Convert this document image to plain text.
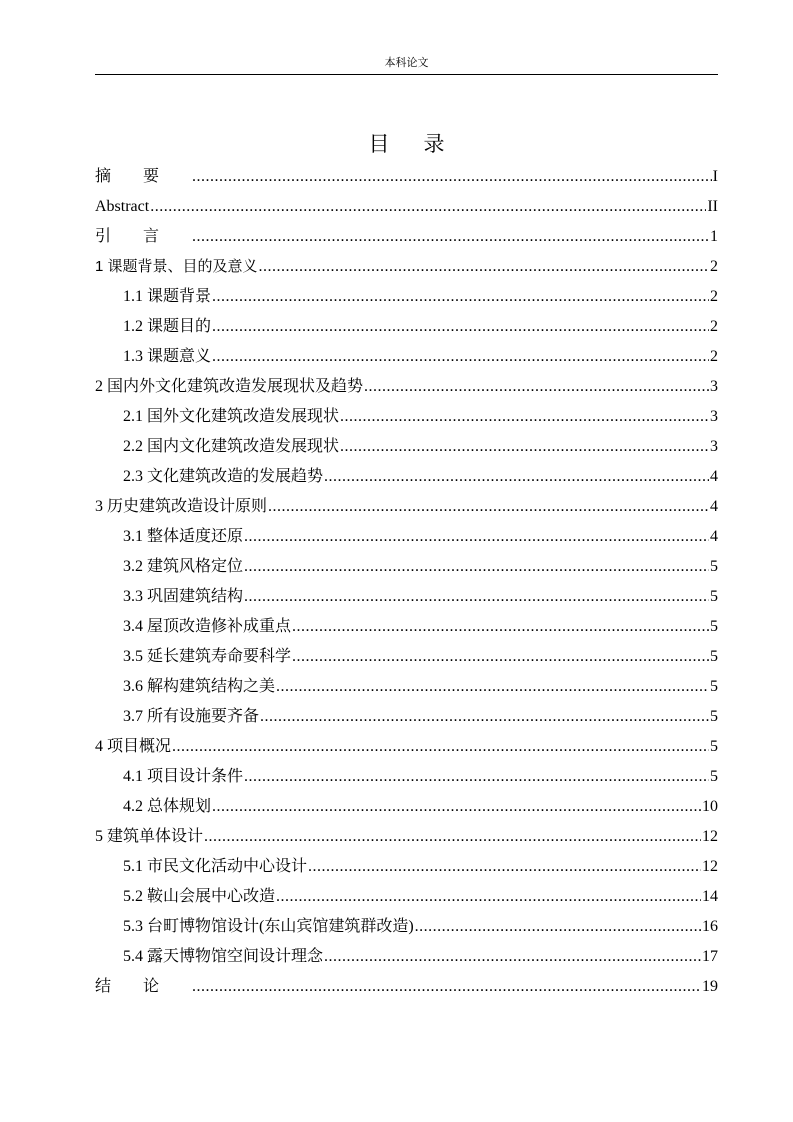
本科论文
目录
摘要 .....	I
Abstract .....	II
引言 .....	1
1 课题背景、目的及意义 .....	2
1.1 课题背景 .....	2
1.2 课题目的 .....	2
1.3 课题意义 .....	2
2 国内外文化建筑改造发展现状及趋势 .....	3
2.1 国外文化建筑改造发展现状 .....	3
2.2 国内文化建筑改造发展现状 .....	3
2.3 文化建筑改造的发展趋势 .....	4
3 历史建筑改造设计原则 .....	4
3.1 整体适度还原 .....	4
3.2 建筑风格定位 .....	5
3.3 巩固建筑结构 .....	5
3.4 屋顶改造修补成重点 .....	5
3.5 延长建筑寿命要科学 .....	5
3.6 解构建筑结构之美 .....	5
3.7 所有设施要齐备 .....	5
4 项目概况 .....	5
4.1 项目设计条件 .....	5
4.2 总体规划 .....	10
5 建筑单体设计 .....	12
5.1 市民文化活动中心设计 .....	12
5.2 鞍山会展中心改造 .....	14
5.3 台町博物馆设计(东山宾馆建筑群改造) .....	16
5.4 露天博物馆空间设计理念 .....	17
结论 .....	19
